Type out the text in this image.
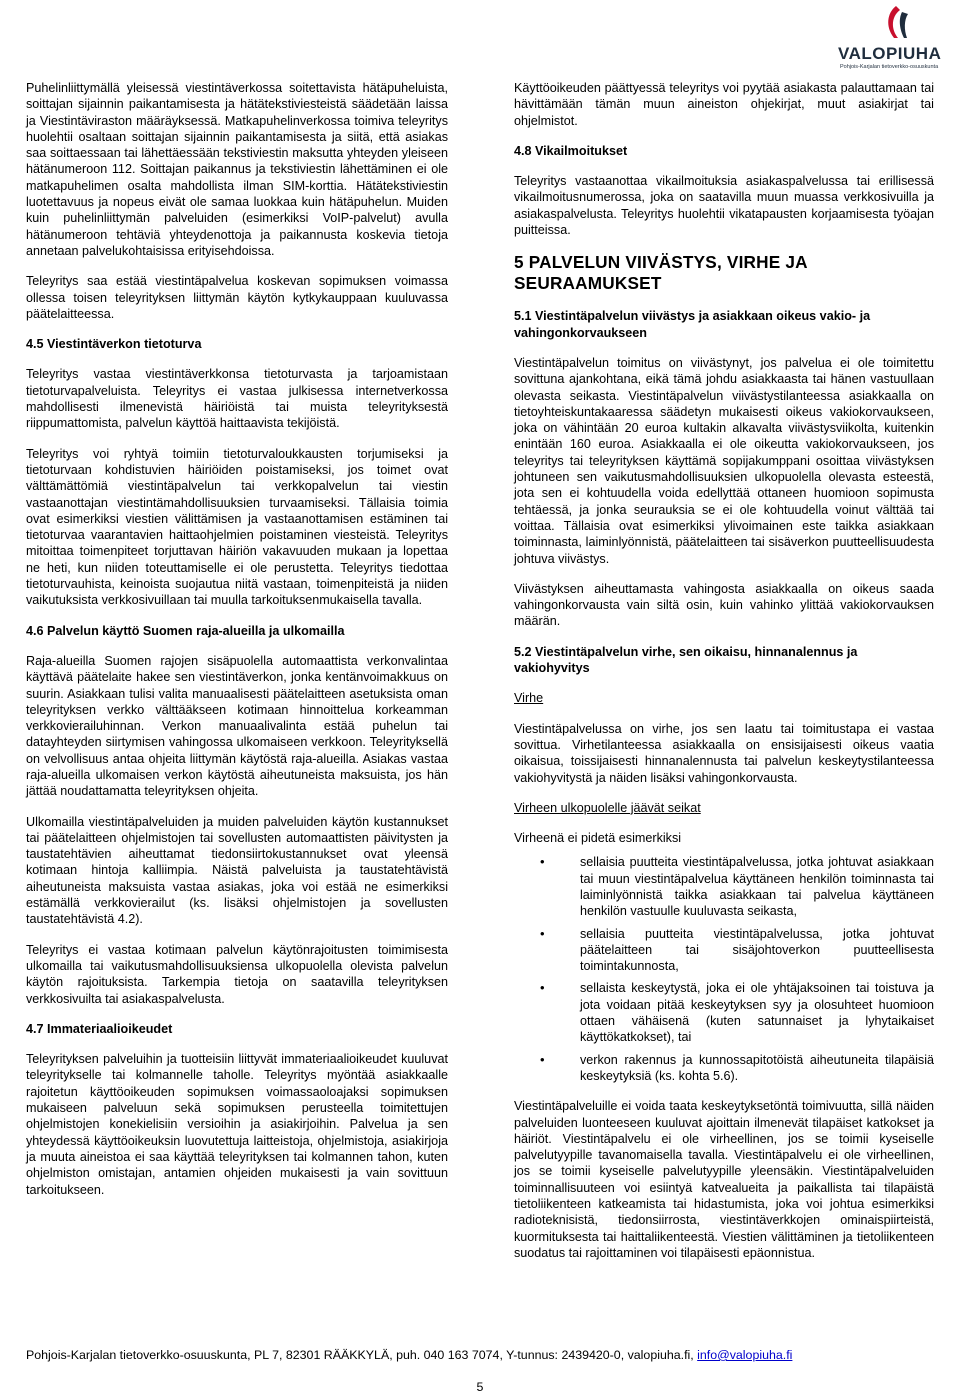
VALOPIUHA
Pohjois-Karjalan tietoverkko-osuuskunta

Puhelinliittymällä yleisessä viestintäverkossa soitettavista hätäpuheluista, soittajan sijainnin paikantamisesta ja hätätekstiviesteistä säädetään laissa ja Viestintäviraston määräyksessä. Matkapuhelinverkossa toimiva teleyritys huolehtii osaltaan soittajan sijainnin paikantamisesta ja siitä, että asiakas saa soittaessaan tai lähettäessään tekstiviestin maksutta yhteyden yleiseen hätänumeroon 112. Soittajan paikannus ja tekstiviestin lähettäminen ei ole matkapuhelimen osalta mahdollista ilman SIM-korttia. Hätätekstiviestin luotettavuus ja nopeus eivät ole samaa luokkaa kuin hätäpuhelun. Muiden kuin puhelinliittymän palveluiden (esimerkiksi VoIP-palvelut) avulla hätänumeroon tehtäviä yhteydenottoja ja paikannusta koskevia tietoja annetaan palvelukohtaisissa erityisehdoissa.

Teleyritys saa estää viestintäpalvelua koskevan sopimuksen voimassa ollessa toisen teleyrityksen liittymän käytön kytkykauppaan kuuluvassa päätelaitteessa.

4.5 Viestintäverkon tietoturva

Teleyritys vastaa viestintäverkkonsa tietoturvasta ja tarjoamistaan tietoturvapalveluista. Teleyritys ei vastaa julkisessa internetverkossa mahdollisesti ilmenevistä häiriöistä tai muista teleyrityksestä riippumattomista, palvelun käyttöä haittaavista tekijöistä.

Teleyritys voi ryhtyä toimiin tietoturvaloukkausten torjumiseksi ja tietoturvaan kohdistuvien häiriöiden poistamiseksi, jos toimet ovat välttämättömiä viestintäpalvelun tai verkkopalvelun tai viestin vastaanottajan viestintämahdollisuuksien turvaamiseksi. Tällaisia toimia ovat esimerkiksi viestien välittämisen ja vastaanottamisen estäminen tai tietoturvaa vaarantavien haittaohjelmien poistaminen viesteistä. Teleyritys mitoittaa toimenpiteet torjuttavan häiriön vakavuuden mukaan ja lopettaa ne heti, kun niiden toteuttamiselle ei ole perustetta. Teleyritys tiedottaa tietoturvauhista, keinoista suojautua niitä vastaan, toimenpiteistä ja niiden vaikutuksista verkkosivuillaan tai muulla tarkoituksenmukaisella tavalla.

4.6 Palvelun käyttö Suomen raja-alueilla ja ulkomailla

Raja-alueilla Suomen rajojen sisäpuolella automaattista verkonvalintaa käyttävä päätelaite hakee sen viestintäverkon, jonka kentänvoimakkuus on suurin. Asiakkaan tulisi valita manuaalisesti päätelaitteen asetuksista oman teleyrityksen verkko välttääkseen kotimaan hinnoittelua korkeamman verkkovierailuhinnan. Verkon manuaalivalinta estää puhelun tai datayhteyden siirtymisen vahingossa ulkomaiseen verkkoon. Teleyrityksellä on velvollisuus antaa ohjeita liittymän käytöstä raja-alueilla. Asiakas vastaa raja-alueilla ulkomaisen verkon käytöstä aiheutuneista maksuista, jos hän jättää noudattamatta teleyrityksen ohjeita.

Ulkomailla viestintäpalveluiden ja muiden palveluiden käytön kustannukset tai päätelaitteen ohjelmistojen tai sovellusten automaattisten päivitysten ja taustatehtävien aiheuttamat tiedonsiirtokustannukset ovat yleensä kotimaan hintoja kalliimpia. Näistä palveluista ja taustatehtävistä aiheutuneista maksuista vastaa asiakas, joka voi estää ne esimerkiksi estämällä verkkovierailut (ks. lisäksi ohjelmistojen ja sovellusten taustatehtävistä 4.2).

Teleyritys ei vastaa kotimaan palvelun käytönrajoitusten toimimisesta ulkomailla tai vaikutusmahdollisuuksiensa ulkopuolella olevista palvelun käytön rajoituksista. Tarkempia tietoja on saatavilla teleyrityksen verkkosivuilta tai asiakaspalvelusta.

4.7 Immateriaalioikeudet

Teleyrityksen palveluihin ja tuotteisiin liittyvät immateriaalioikeudet kuuluvat teleyritykselle tai kolmannelle taholle. Teleyritys myöntää asiakkaalle rajoitetun käyttöoikeuden sopimuksen voimassaoloajaksi sopimuksen mukaiseen palveluun sekä sopimuksen perusteella toimitettujen ohjelmistojen konekielisiin versioihin ja asiakirjoihin. Palvelua ja sen yhteydessä käyttöoikeuksin luovutettuja laitteistoja, ohjelmistoja, asiakirjoja ja muuta aineistoa ei saa käyttää teleyrityksen tai kolmannen tahon, kuten ohjelmiston omistajan, antamien ohjeiden mukaisesti ja vain sovittuun tarkoitukseen.

Käyttöoikeuden päättyessä teleyritys voi pyytää asiakasta palauttamaan tai hävittämään tämän muun aineiston ohjekirjat, muut asiakirjat tai ohjelmistot.

4.8 Vikailmoitukset

Teleyritys vastaanottaa vikailmoituksia asiakaspalvelussa tai erillisessä vikailmoitusnumerossa, joka on saatavilla muun muassa verkkosivuilla ja asiakaspalvelusta. Teleyritys huolehtii vikatapausten korjaamisesta työajan puitteissa.

5 PALVELUN VIIVÄSTYS, VIRHE JA SEURAAMUKSET
5.1 Viestintäpalvelun viivästys ja asiakkaan oikeus vakio- ja vahingonkorvaukseen

Viestintäpalvelun toimitus on viivästynyt, jos palvelua ei ole toimitettu sovittuna ajankohtana, eikä tämä johdu asiakkaasta tai hänen vastuullaan olevasta seikasta. Viestintäpalvelun viivästystilanteessa asiakkaalla on tietoyhteiskuntakaaressa säädetyn mukaisesti oikeus vakiokorvaukseen, joka on vähintään 20 euroa kultakin alkavalta viivästysviikolta, kuitenkin enintään 160 euroa. Asiakkaalla ei ole oikeutta vakiokorvaukseen, jos teleyritys tai teleyrityksen käyttämä sopijakumppani osoittaa viivästyksen johtuneen sen vaikutusmahdollisuuksien ulkopuolella olevasta esteestä, jota sen ei kohtuudella voida edellyttää ottaneen huomioon sopimusta tehtäessä, ja jonka seurauksia se ei ole kohtuudella voinut välttää tai voittaa. Tällaisia ovat esimerkiksi ylivoimainen este taikka asiakkaan toiminnasta, laiminlyönnistä, päätelaitteen tai sisäverkon puutteellisuudesta johtuva viivästys.

Viivästyksen aiheuttamasta vahingosta asiakkaalla on oikeus saada vahingonkorvausta vain siltä osin, kuin vahinko ylittää vakiokorvauksen määrän.

5.2 Viestintäpalvelun virhe, sen oikaisu, hinnanalennus ja vakiohyvitys

Virhe

Viestintäpalvelussa on virhe, jos sen laatu tai toimitustapa ei vastaa sovittua. Virhetilanteessa asiakkaalla on ensisijaisesti oikeus vaatia oikaisua, toissijaisesti hinnanalennusta tai palvelun keskeytystilanteessa vakiohyvitystä ja näiden lisäksi vahingonkorvausta.

Virheen ulkopuolelle jäävät seikat

Virheenä ei pidetä esimerkiksi

• sellaisia puutteita viestintäpalvelussa, jotka johtuvat asiakkaan tai muun viestintäpalvelua käyttäneen henkilön toiminnasta tai laiminlyönnistä taikka asiakkaan tai palvelua käyttäneen henkilön vastuulle kuuluvasta seikasta,
• sellaisia puutteita viestintäpalvelussa, jotka johtuvat päätelaitteen tai sisäjohtoverkon puutteellisesta toimintakunnosta,
• sellaista keskeytystä, joka ei ole yhtäjaksoinen tai toistuva ja jota voidaan pitää keskeytyksen syy ja olosuhteet huomioon ottaen vähäisenä (kuten satunnaiset ja lyhytaikaiset käyttökatkokset), tai
• verkon rakennus ja kunnossapitotöistä aiheutuneita tilapäisiä keskeytyksiä (ks. kohta 5.6).

Viestintäpalveluille ei voida taata keskeytyksetöntä toimivuutta, sillä näiden palveluiden luonteeseen kuuluvat ajoittain ilmenevät tilapäiset katkokset ja häiriöt. Viestintäpalvelu ei ole virheellinen, jos se toimii kyseiselle palvelutyypille tavanomaisella tavalla. Viestintäpalvelu ei ole virheellinen, jos se toimii kyseiselle palvelutyypille yleensäkin. Viestintäpalveluiden toiminnallisuuteen voi esiintyä katvealueita ja paikallista tai tilapäistä tietoliikenteen katkeamista tai hidastumista, joka voi johtua esimerkiksi radioteknisistä, tiedonsiirrosta, viestintäverkkojen ominaispiirteistä, kuormituksesta tai haittaliikenteestä. Viestien välittäminen ja tietoliikenteen suodatus tai rajoittaminen voi tilapäisesti epäonnistua.

Pohjois-Karjalan tietoverkko-osuuskunta, PL 7, 82301 RÄÄKKYLÄ, puh. 040 163 7074, Y-tunnus: 2439420-0, valopiuha.fi, info@valopiuha.fi
5
